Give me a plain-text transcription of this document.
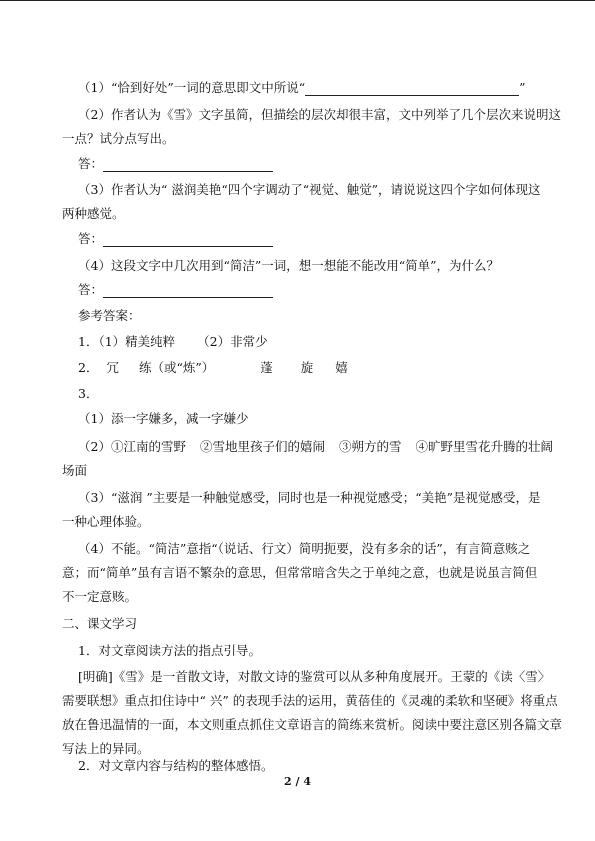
（1）“恰到好处”一词的意思即文中所说“	”
（2）作者认为《雪》文字虽简，但描绘的层次却很丰富，文中列举了几个层次来说明这
一点？试分点写出。
答：
（3）作者认为“ 滋润美艳“四个字调动了“视觉、触觉”，请说说这四个字如何体现这
两种感觉。
答：
（4）这段文字中几次用到“简洁”一词，想一想能不能改用“简单”，为什么？
答：
参考答案：
1．（1）精美纯粹 （2）非常少
2． 冗 练（或“炼”）	蓬 旋 嬉
3．
（1）添一字嫌多，减一字嫌少
（2）①江南的雪野 ②雪地里孩子们的嬉闹 ③朔方的雪 ④旷野里雪花升腾的壮阔
场面
（3）“滋润 ”主要是一种触觉感受，同时也是一种视觉感受；“美艳”是视觉感受，是
一种心理体验。
（4）不能。“简洁”意指“（说话、行文）简明扼要，没有多余的话”，有言简意赅之
意；而“简单”虽有言语不繁杂的意思，但常常暗含失之于单纯之意，也就是说虽言简但
不一定意赅。
二、课文学习
1．对文章阅读方法的指点引导。
[明确]《雪》是一首散文诗，对散文诗的鉴赏可以从多种角度展开。王蒙的《读〈雪〉
需要联想》重点扣住诗中“ 兴” 的表现手法的运用，黄蓓佳的《灵魂的柔软和坚硬》将重点
放在鲁迅温情的一面，本文则重点抓住文章语言的简练来赏析。阅读中要注意区别各篇文章
写法上的异同。
2．对文章内容与结构的整体感悟。
2 / 4
